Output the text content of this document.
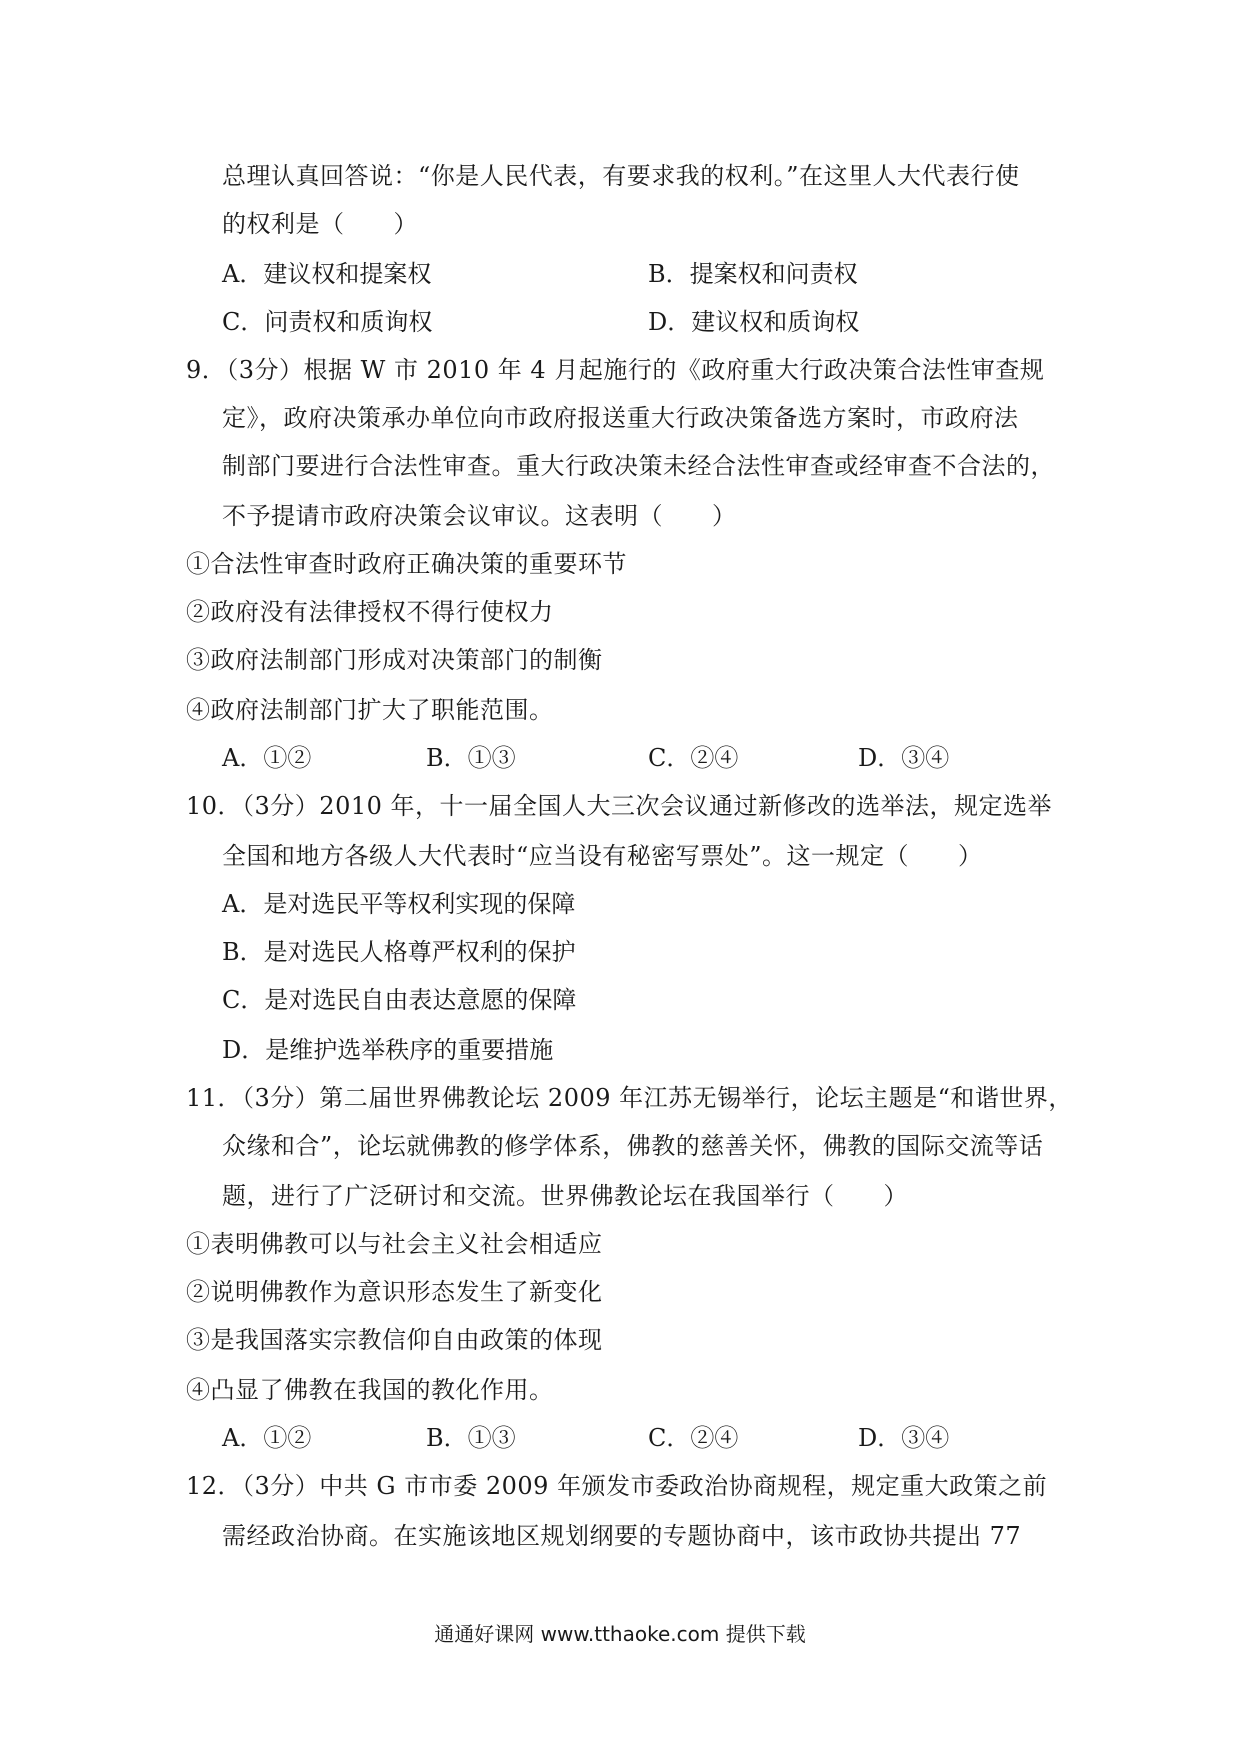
总理认真回答说：“你是人民代表，有要求我的权利。”在这里人大代表行使
的权利是（　　）
A．建议权和提案权	B．提案权和问责权
C．问责权和质询权	D．建议权和质询权
9．（3分）根据 W 市 2010 年 4 月起施行的《政府重大行政决策合法性审查规
定》，政府决策承办单位向市政府报送重大行政决策备选方案时，市政府法
制部门要进行合法性审查。重大行政决策未经合法性审查或经审查不合法的，
不予提请市政府决策会议审议。这表明（　　）
①合法性审查时政府正确决策的重要环节
②政府没有法律授权不得行使权力
③政府法制部门形成对决策部门的制衡
④政府法制部门扩大了职能范围。
A．①②	B．①③	C．②④	D．③④
10．（3分）2010 年，十一届全国人大三次会议通过新修改的选举法，规定选举
全国和地方各级人大代表时“应当设有秘密写票处”。这一规定（　　）
A．是对选民平等权利实现的保障
B．是对选民人格尊严权利的保护
C．是对选民自由表达意愿的保障
D．是维护选举秩序的重要措施
11．（3分）第二届世界佛教论坛 2009 年江苏无锡举行，论坛主题是“和谐世界，
众缘和合”，论坛就佛教的修学体系，佛教的慈善关怀，佛教的国际交流等话
题，进行了广泛研讨和交流。世界佛教论坛在我国举行（　　）
①表明佛教可以与社会主义社会相适应
②说明佛教作为意识形态发生了新变化
③是我国落实宗教信仰自由政策的体现
④凸显了佛教在我国的教化作用。
A．①②	B．①③	C．②④	D．③④
12．（3分）中共 G 市市委 2009 年颁发市委政治协商规程，规定重大政策之前
需经政治协商。在实施该地区规划纲要的专题协商中，该市政协共提出 77
通通好课网 www.tthaoke.com 提供下载
